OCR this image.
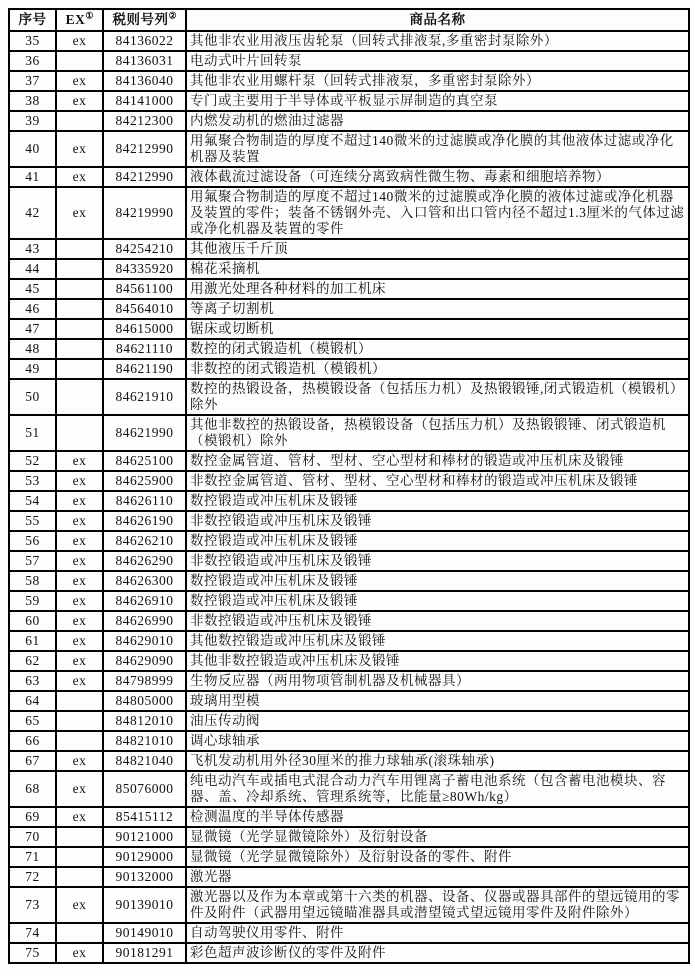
序号	EX①	税则号列②	商品名称
35	ex	84136022	其他非农业用液压齿轮泵（回转式排液泵,多重密封泵除外）
36		84136031	电动式叶片回转泵
37	ex	84136040	其他非农业用螺杆泵（回转式排液泵，多重密封泵除外）
38	ex	84141000	专门或主要用于半导体或平板显示屏制造的真空泵
39		84212300	内燃发动机的燃油过滤器
40	ex	84212990	用氟聚合物制造的厚度不超过140微米的过滤膜或净化膜的其他液体过滤或净化机器及装置
41	ex	84212990	液体截流过滤设备（可连续分离致病性微生物、毒素和细胞培养物）
42	ex	84219990	用氟聚合物制造的厚度不超过140微米的过滤膜或净化膜的液体过滤或净化机器及装置的零件；装备不锈钢外壳、入口管和出口管内径不超过1.3厘米的气体过滤或净化机器及装置的零件
43		84254210	其他液压千斤顶
44		84335920	棉花采摘机
45		84561100	用激光处理各种材料的加工机床
46		84564010	等离子切割机
47		84615000	锯床或切断机
48		84621110	数控的闭式锻造机（模锻机）
49		84621190	非数控的闭式锻造机（模锻机）
50		84621910	数控的热锻设备，热模锻设备（包括压力机）及热锻锻锤,闭式锻造机（模锻机）除外
51		84621990	其他非数控的热锻设备，热模锻设备（包括压力机）及热锻锻锤、闭式锻造机（模锻机）除外
52	ex	84625100	数控金属管道、管材、型材、空心型材和棒材的锻造或冲压机床及锻锤
53	ex	84625900	非数控金属管道、管材、型材、空心型材和棒材的锻造或冲压机床及锻锤
54	ex	84626110	数控锻造或冲压机床及锻锤
55	ex	84626190	非数控锻造或冲压机床及锻锤
56	ex	84626210	数控锻造或冲压机床及锻锤
57	ex	84626290	非数控锻造或冲压机床及锻锤
58	ex	84626300	数控锻造或冲压机床及锻锤
59	ex	84626910	数控锻造或冲压机床及锻锤
60	ex	84626990	非数控锻造或冲压机床及锻锤
61	ex	84629010	其他数控锻造或冲压机床及锻锤
62	ex	84629090	其他非数控锻造或冲压机床及锻锤
63	ex	84798999	生物反应器（两用物项管制机器及机械器具）
64		84805000	玻璃用型模
65		84812010	油压传动阀
66		84821010	调心球轴承
67	ex	84821040	飞机发动机用外径30厘米的推力球轴承(滚珠轴承)
68	ex	85076000	纯电动汽车或插电式混合动力汽车用锂离子蓄电池系统（包含蓄电池模块、容器、盖、冷却系统、管理系统等，比能量≥80Wh/kg）
69	ex	85415112	检测温度的半导体传感器
70		90121000	显微镜（光学显微镜除外）及衍射设备
71		90129000	显微镜（光学显微镜除外）及衍射设备的零件、附件
72		90132000	激光器
73	ex	90139010	激光器以及作为本章或第十六类的机器、设备、仪器或器具部件的望远镜用的零件及附件（武器用望远镜瞄准器具或潜望镜式望远镜用零件及附件除外）
74		90149010	自动驾驶仪用零件、附件
75	ex	90181291	彩色超声波诊断仪的零件及附件
